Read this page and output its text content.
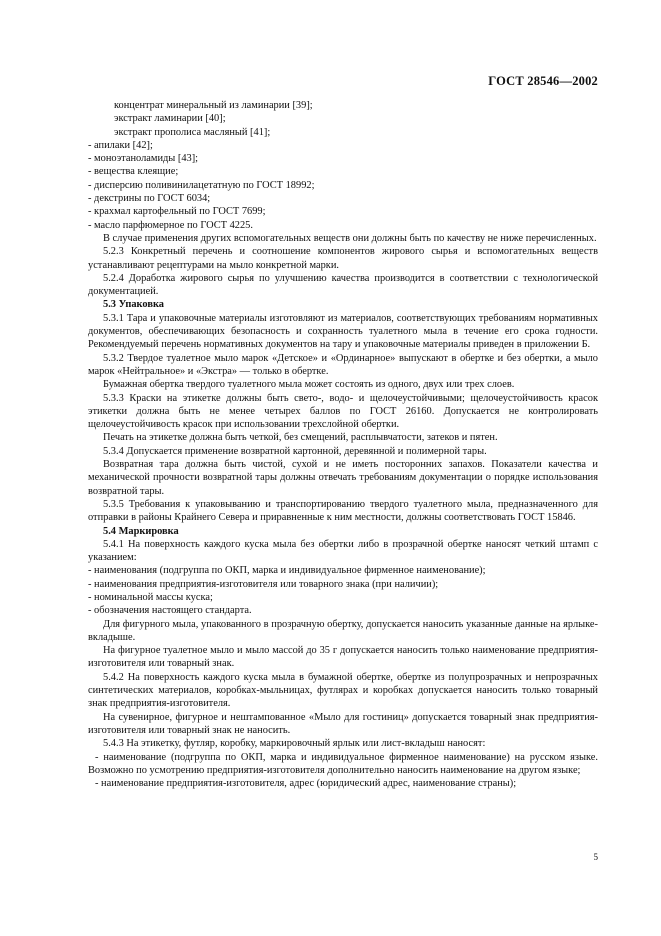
ГОСТ 28546—2002

концентрат минеральный из ламинарии [39];

экстракт ламинарии [40];

экстракт прополиса масляный [41];

- апилаки [42];

- моноэтаноламиды [43];

- вещества клеящие;

- дисперсию поливинилацетатную по ГОСТ 18992;

- декстрины по ГОСТ 6034;

- крахмал картофельный по ГОСТ 7699;

- масло парфюмерное по ГОСТ 4225.

В случае применения других вспомогательных веществ они должны быть по качеству не ниже перечисленных.

5.2.3 Конкретный перечень и соотношение компонентов жирового сырья и вспомогательных веществ устанавливают рецептурами на мыло конкретной марки.

5.2.4 Доработка жирового сырья по улучшению качества производится в соответствии с технологической документацией.

5.3 Упаковка

5.3.1 Тара и упаковочные материалы изготовляют из материалов, соответствующих требованиям нормативных документов, обеспечивающих безопасность и сохранность туалетного мыла в течение его срока годности. Рекомендуемый перечень нормативных документов на тару и упаковочные материалы приведен в приложении Б.

5.3.2 Твердое туалетное мыло марок «Детское» и «Ординарное» выпускают в обертке и без обертки, а мыло марок «Нейтральное» и «Экстра» — только в обертке.

Бумажная обертка твердого туалетного мыла может состоять из одного, двух или трех слоев.

5.3.3 Краски на этикетке должны быть свето-, водо- и щелочеустойчивыми; щелочеустойчивость красок этикетки должна быть не менее четырех баллов по ГОСТ 26160. Допускается не контролировать щелочеустойчивость красок при использовании трехслойной обертки.

Печать на этикетке должна быть четкой, без смещений, расплывчатости, затеков и пятен.

5.3.4 Допускается применение возвратной картонной, деревянной и полимерной тары.

Возвратная тара должна быть чистой, сухой и не иметь посторонних запахов. Показатели качества и механической прочности возвратной тары должны отвечать требованиям документации о порядке использования возвратной тары.

5.3.5 Требования к упаковыванию и транспортированию твердого туалетного мыла, предназначенного для отправки в районы Крайнего Севера и приравненные к ним местности, должны соответствовать ГОСТ 15846.

5.4 Маркировка

5.4.1 На поверхность каждого куска мыла без обертки либо в прозрачной обертке наносят четкий штамп с указанием:

- наименования (подгруппа по ОКП, марка и индивидуальное фирменное наименование);

- наименования предприятия-изготовителя или товарного знака (при наличии);

- номинальной массы куска;

- обозначения настоящего стандарта.

Для фигурного мыла, упакованного в прозрачную обертку, допускается наносить указанные данные на ярлыке-вкладыше.

На фигурное туалетное мыло и мыло массой до 35 г допускается наносить только наименование предприятия-изготовителя или товарный знак.

5.4.2 На поверхность каждого куска мыла в бумажной обертке, обертке из полупрозрачных и непрозрачных синтетических материалов, коробках-мыльницах, футлярах и коробках допускается наносить только товарный знак предприятия-изготовителя.

На сувенирное, фигурное и нештампованное «Мыло для гостиниц» допускается товарный знак предприятия-изготовителя или товарный знак не наносить.

5.4.3 На этикетку, футляр, коробку, маркировочный ярлык или лист-вкладыш наносят:

- наименование (подгруппа по ОКП, марка и индивидуальное фирменное наименование) на русском языке. Возможно по усмотрению предприятия-изготовителя дополнительно наносить наименование на другом языке;

- наименование предприятия-изготовителя, адрес (юридический адрес, наименование страны);

5
